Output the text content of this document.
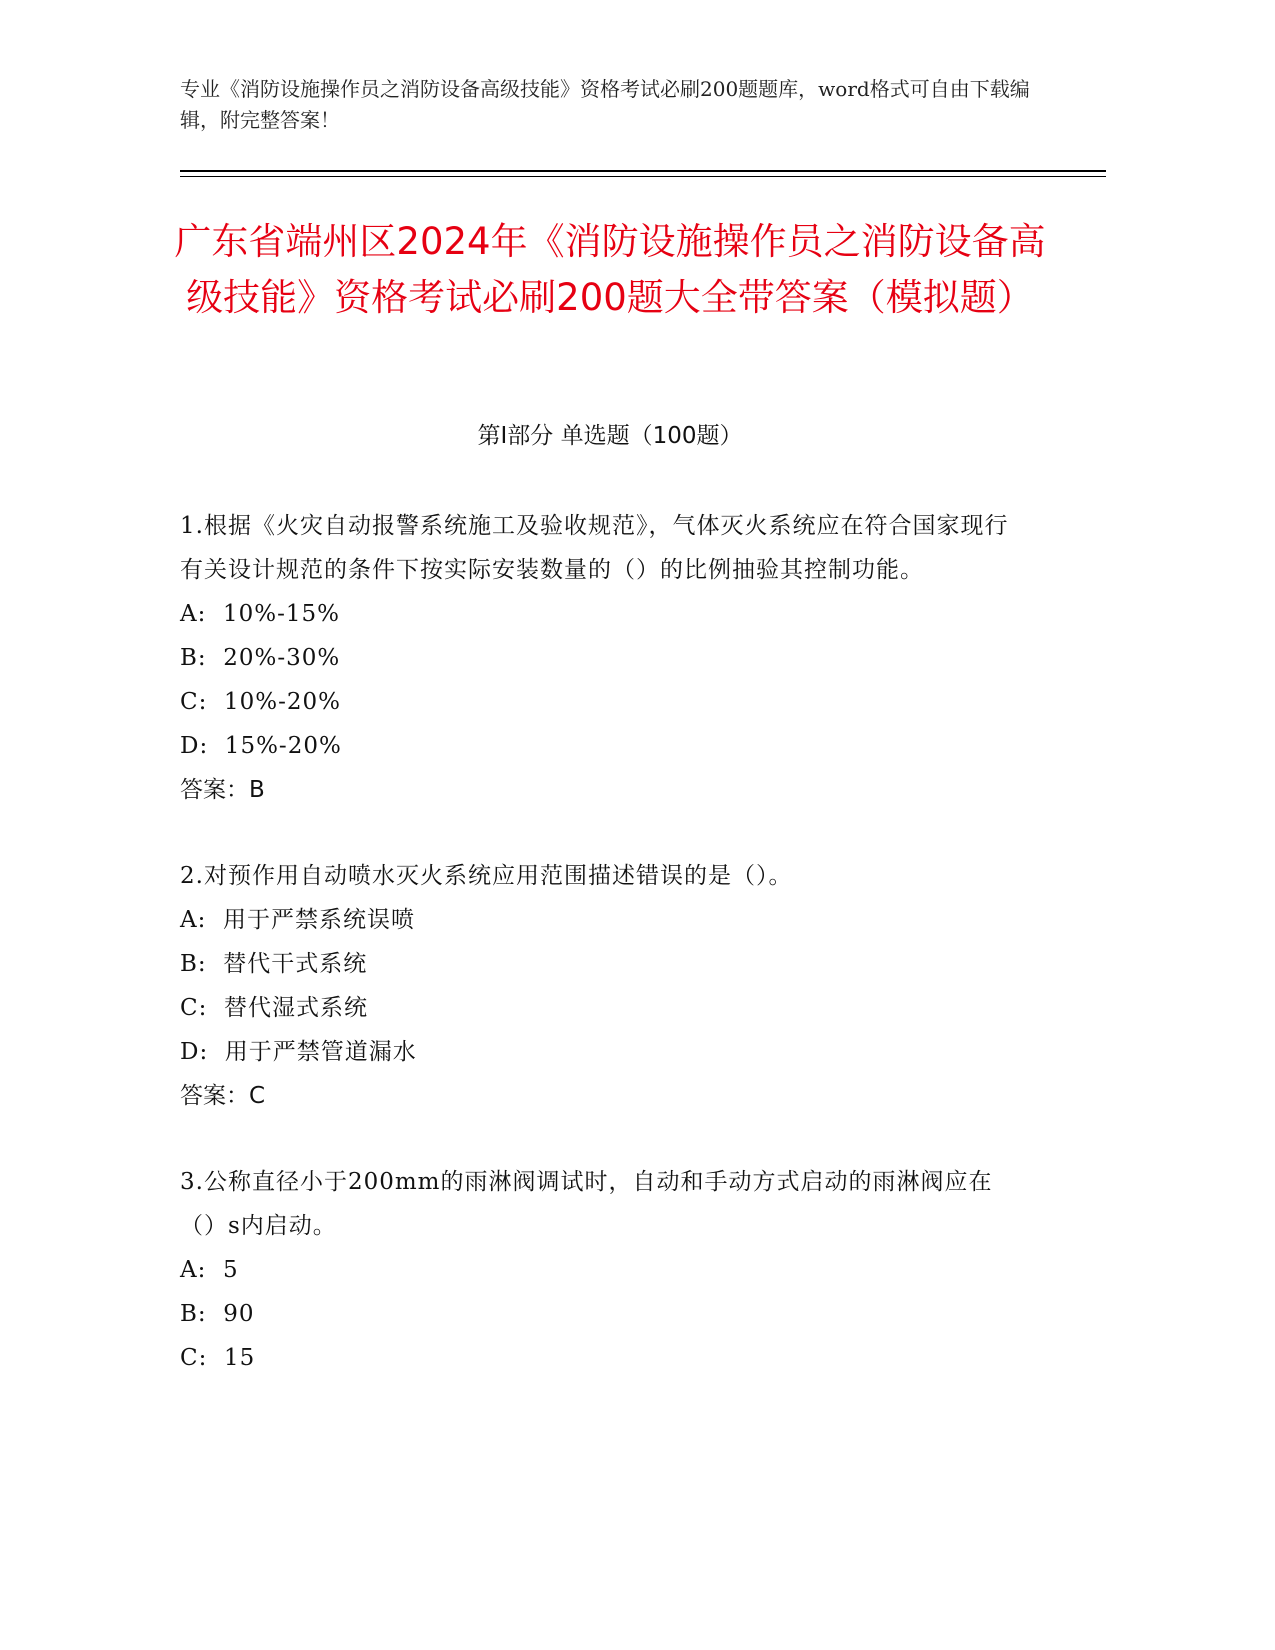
专业《消防设施操作员之消防设备高级技能》资格考试必刷200题题库，word格式可自由下载编辑，附完整答案！
广东省端州区2024年《消防设施操作员之消防设备高级技能》资格考试必刷200题大全带答案（模拟题）
第I部分 单选题（100题）

1.根据《火灾自动报警系统施工及验收规范》，气体灭火系统应在符合国家现行有关设计规范的条件下按实际安装数量的（）的比例抽验其控制功能。

A:  10%-15%

B:  20%-30%

C:  10%-20%

D:  15%-20%

答案：B

2.对预作用自动喷水灭火系统应用范围描述错误的是（）。

A:  用于严禁系统误喷

B:  替代干式系统

C:  替代湿式系统

D:  用于严禁管道漏水

答案：C

3.公称直径小于200mm的雨淋阀调试时，自动和手动方式启动的雨淋阀应在（）s内启动。

A:  5

B:  90

C:  15
